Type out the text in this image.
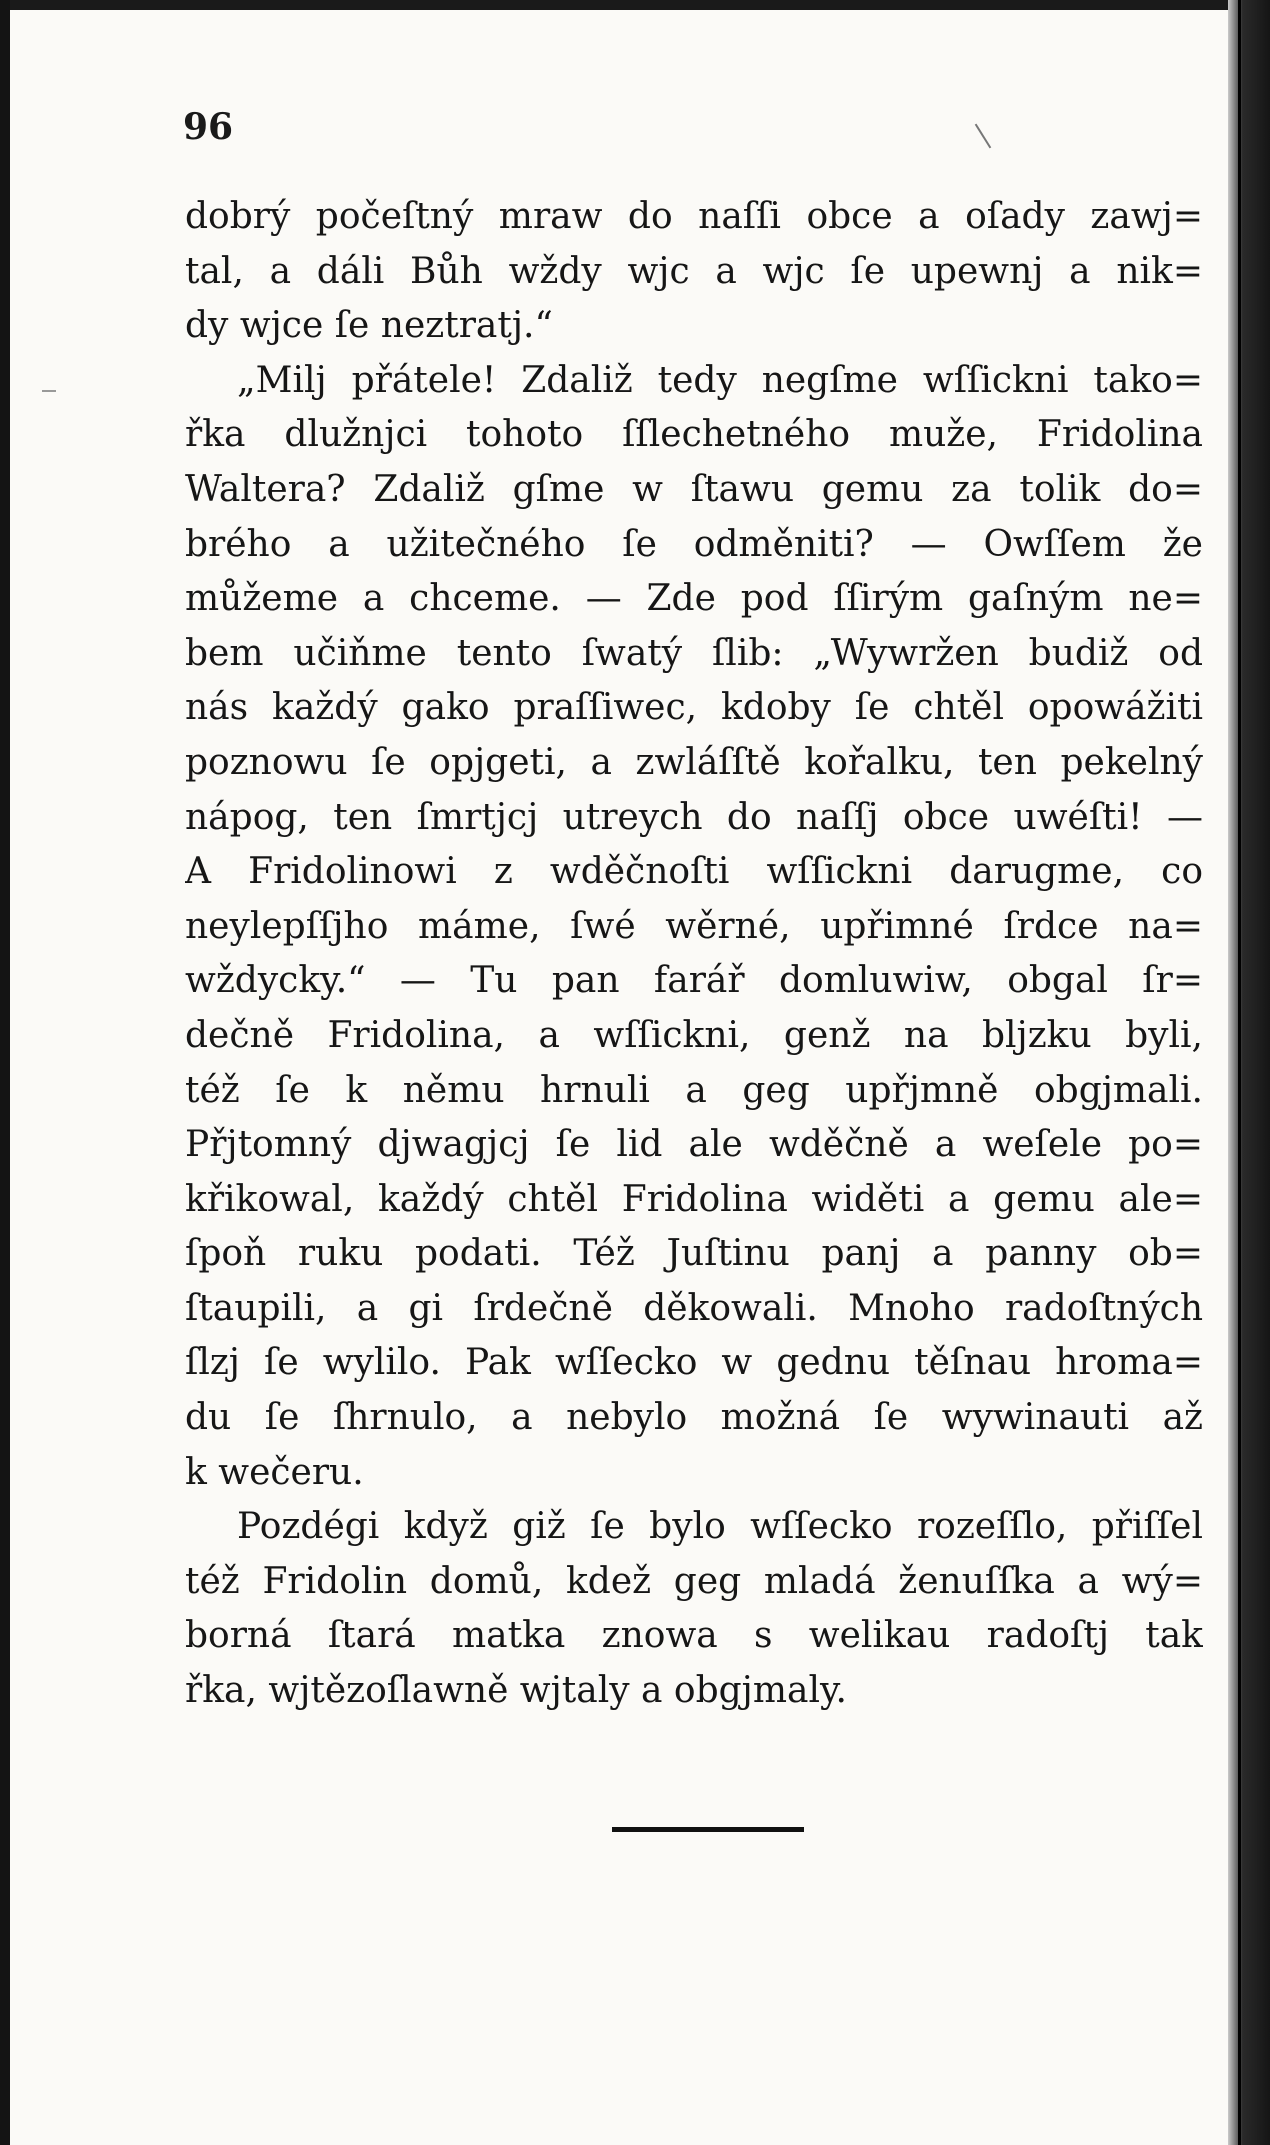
96
dobrý počeſtný mraw do naſſi obce a oſady zawj=
tal, a dáli Bůh wždy wjc a wjc ſe upewnj a nik=
dy wjce ſe neztratj.“
„Milj přátele! Zdaliž tedy negſme wſſickni tako=
řka dlužnjci tohoto ſſlechetného muže, Fridolina
Waltera? Zdaliž gſme w ſtawu gemu za tolik do=
brého a užitečného ſe odměniti? — Owſſem že
můžeme a chceme. — Zde pod ſſirým gaſným ne=
bem učiňme tento ſwatý ſlib: „Wywržen budiž od
nás každý gako praſſiwec, kdoby ſe chtěl opowážiti
poznowu ſe opjgeti, a zwláſſtě kořalku, ten pekelný
nápog, ten ſmrtjcj utreych do naſſj obce uwéſti! —
A Fridolinowi z wděčnoſti wſſickni darugme, co
neylepſſjho máme, ſwé wěrné, upřimné ſrdce na=
wždycky.“ — Tu pan farář domluwiw, obgal ſr=
dečně Fridolina, a wſſickni, genž na blјzku byli,
též ſe k němu hrnuli a geg upřjmně obgjmali.
Přjtomný djwagjcj ſe lid ale wděčně a weſele po=
křikowal, každý chtěl Fridolina widěti a gemu ale=
ſpoň ruku podati. Též Juſtinu panj a panny ob=
ſtaupili, a gi ſrdečně děkowali. Mnoho radoſtných
ſlzj ſe wylilo. Pak wſſecko w gednu těſnau hroma=
du ſe ſhrnulo, a nebylo možná ſe wywinauti až
k wečeru.
Pozdégi když giž ſe bylo wſſecko rozeſſlo, přiſſel
též Fridolin domů, kdež geg mladá ženuſſka a wý=
borná ſtará matka znowa s welikau radoſtj tak
řka, wjtězoſlawně wjtaly a obgjmaly.
